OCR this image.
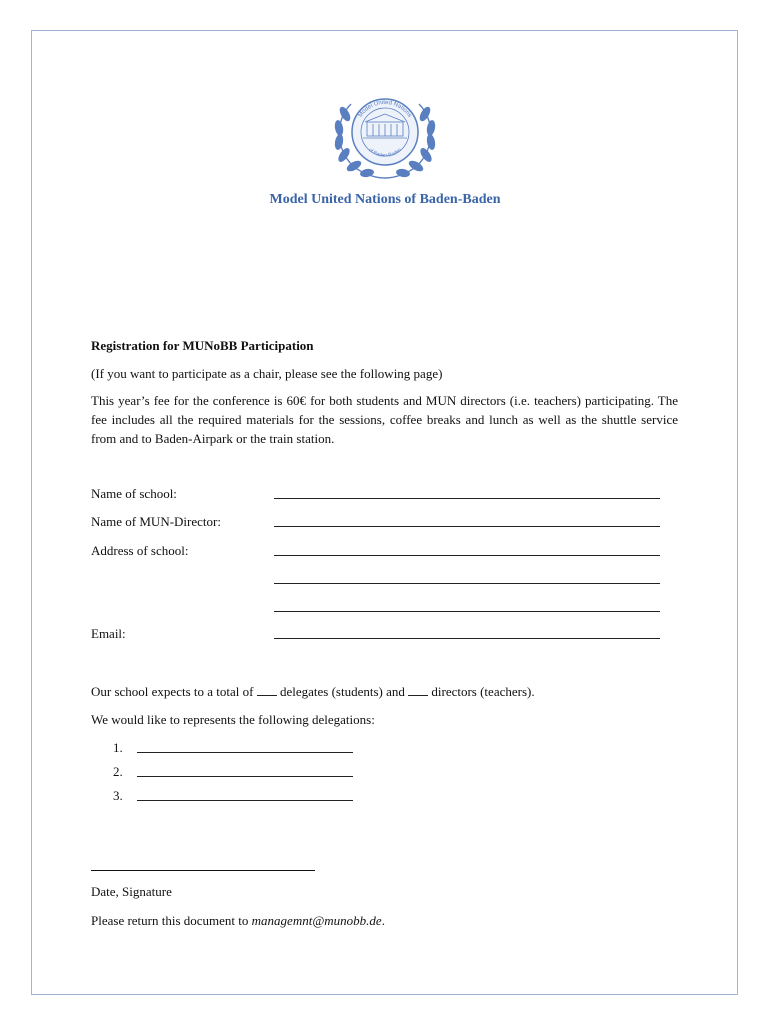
Model United Nations
of Baden-Baden
Model United Nations of Baden-Baden
Registration for MUNoBB Participation
(If you want to participate as a chair, please see the following page)
This year’s fee for the conference is 60€ for both students and MUN directors (i.e. teachers) participating. The fee includes all the required materials for the sessions, coffee breaks and lunch as well as the shuttle service from and to Baden-Airpark or the train station.
Name of school:
Name of MUN-Director:
Address of school:
Email:
Our school expects to a total of delegates (students) and directors (teachers).
We would like to represents the following delegations:
1.
2.
3.
Date, Signature
Please return this document to managemnt@munobb.de.
